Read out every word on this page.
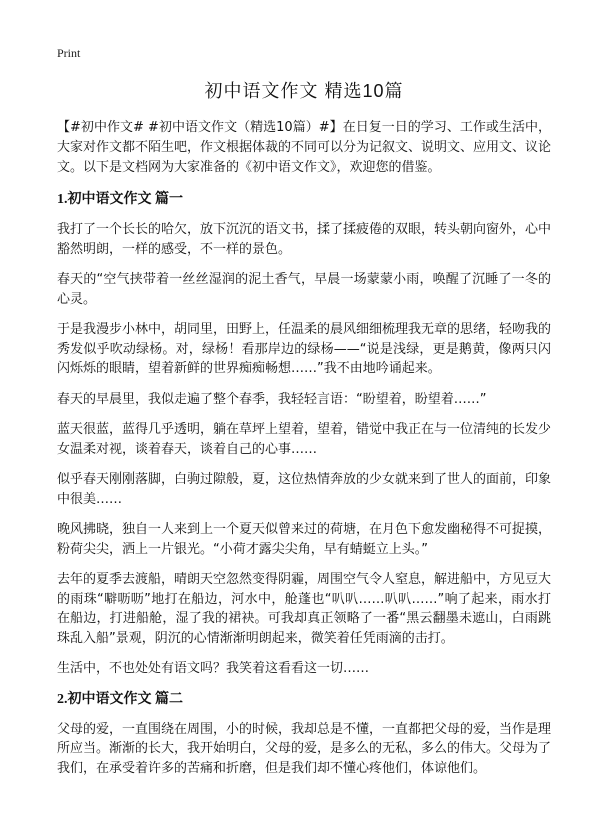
Print
初中语文作文 精选10篇

【#初中作文# #初中语文作文（精选10篇）#】在日复一日的学习、工作或生活中，大家对作文都不陌生吧，作文根据体裁的不同可以分为记叙文、说明文、应用文、议论文。以下是文档网为大家准备的《初中语文作文》，欢迎您的借鉴。

1.初中语文作文 篇一

我打了一个长长的哈欠，放下沉沉的语文书，揉了揉疲倦的双眼，转头朝向窗外，心中豁然明朗，一样的感受，不一样的景色。

春天的“空气挟带着一丝丝湿润的泥土香气，早晨一场蒙蒙小雨，唤醒了沉睡了一冬的心灵。

于是我漫步小林中，胡同里，田野上，任温柔的晨风细细梳理我无章的思绪，轻吻我的秀发似乎吹动绿杨。对，绿杨！看那岸边的绿杨——“说是浅绿，更是鹅黄，像两只闪闪烁烁的眼睛，望着新鲜的世界痴痴畅想……”我不由地吟诵起来。

春天的早晨里，我似走遍了整个春季，我轻轻言语：“盼望着，盼望着……”

蓝天很蓝，蓝得几乎透明，躺在草坪上望着，望着，错觉中我正在与一位清纯的长发少女温柔对视，谈着春天，谈着自己的心事……

似乎春天刚刚落脚，白驹过隙般，夏，这位热情奔放的少女就来到了世人的面前，印象中很美……

晚风拂晓，独自一人来到上一个夏天似曾来过的荷塘，在月色下愈发幽秘得不可捉摸，粉荷尖尖，洒上一片银光。“小荷才露尖尖角，早有蜻蜓立上头。”

去年的夏季去渡船，晴朗天空忽然变得阴霾，周围空气令人窒息，解进船中，方见豆大的雨珠“噼呖呖”地打在船边，河水中，舱蓬也“叭叭……叭叭……”响了起来，雨水打在船边，打进船舱，湿了我的裙袂。可我却真正领略了一番“黑云翻墨未遮山，白雨跳珠乱入船”景观，阴沉的心情渐渐明朗起来，微笑着任凭雨滴的击打。

生活中，不也处处有语文吗？我笑着这看看这一切……

2.初中语文作文 篇二

父母的爱，一直围绕在周围，小的时候，我却总是不懂，一直都把父母的爱，当作是理所应当。渐渐的长大，我开始明白，父母的爱，是多么的无私，多么的伟大。父母为了我们，在承受着许多的苦痛和折磨，但是我们却不懂心疼他们，体谅他们。
